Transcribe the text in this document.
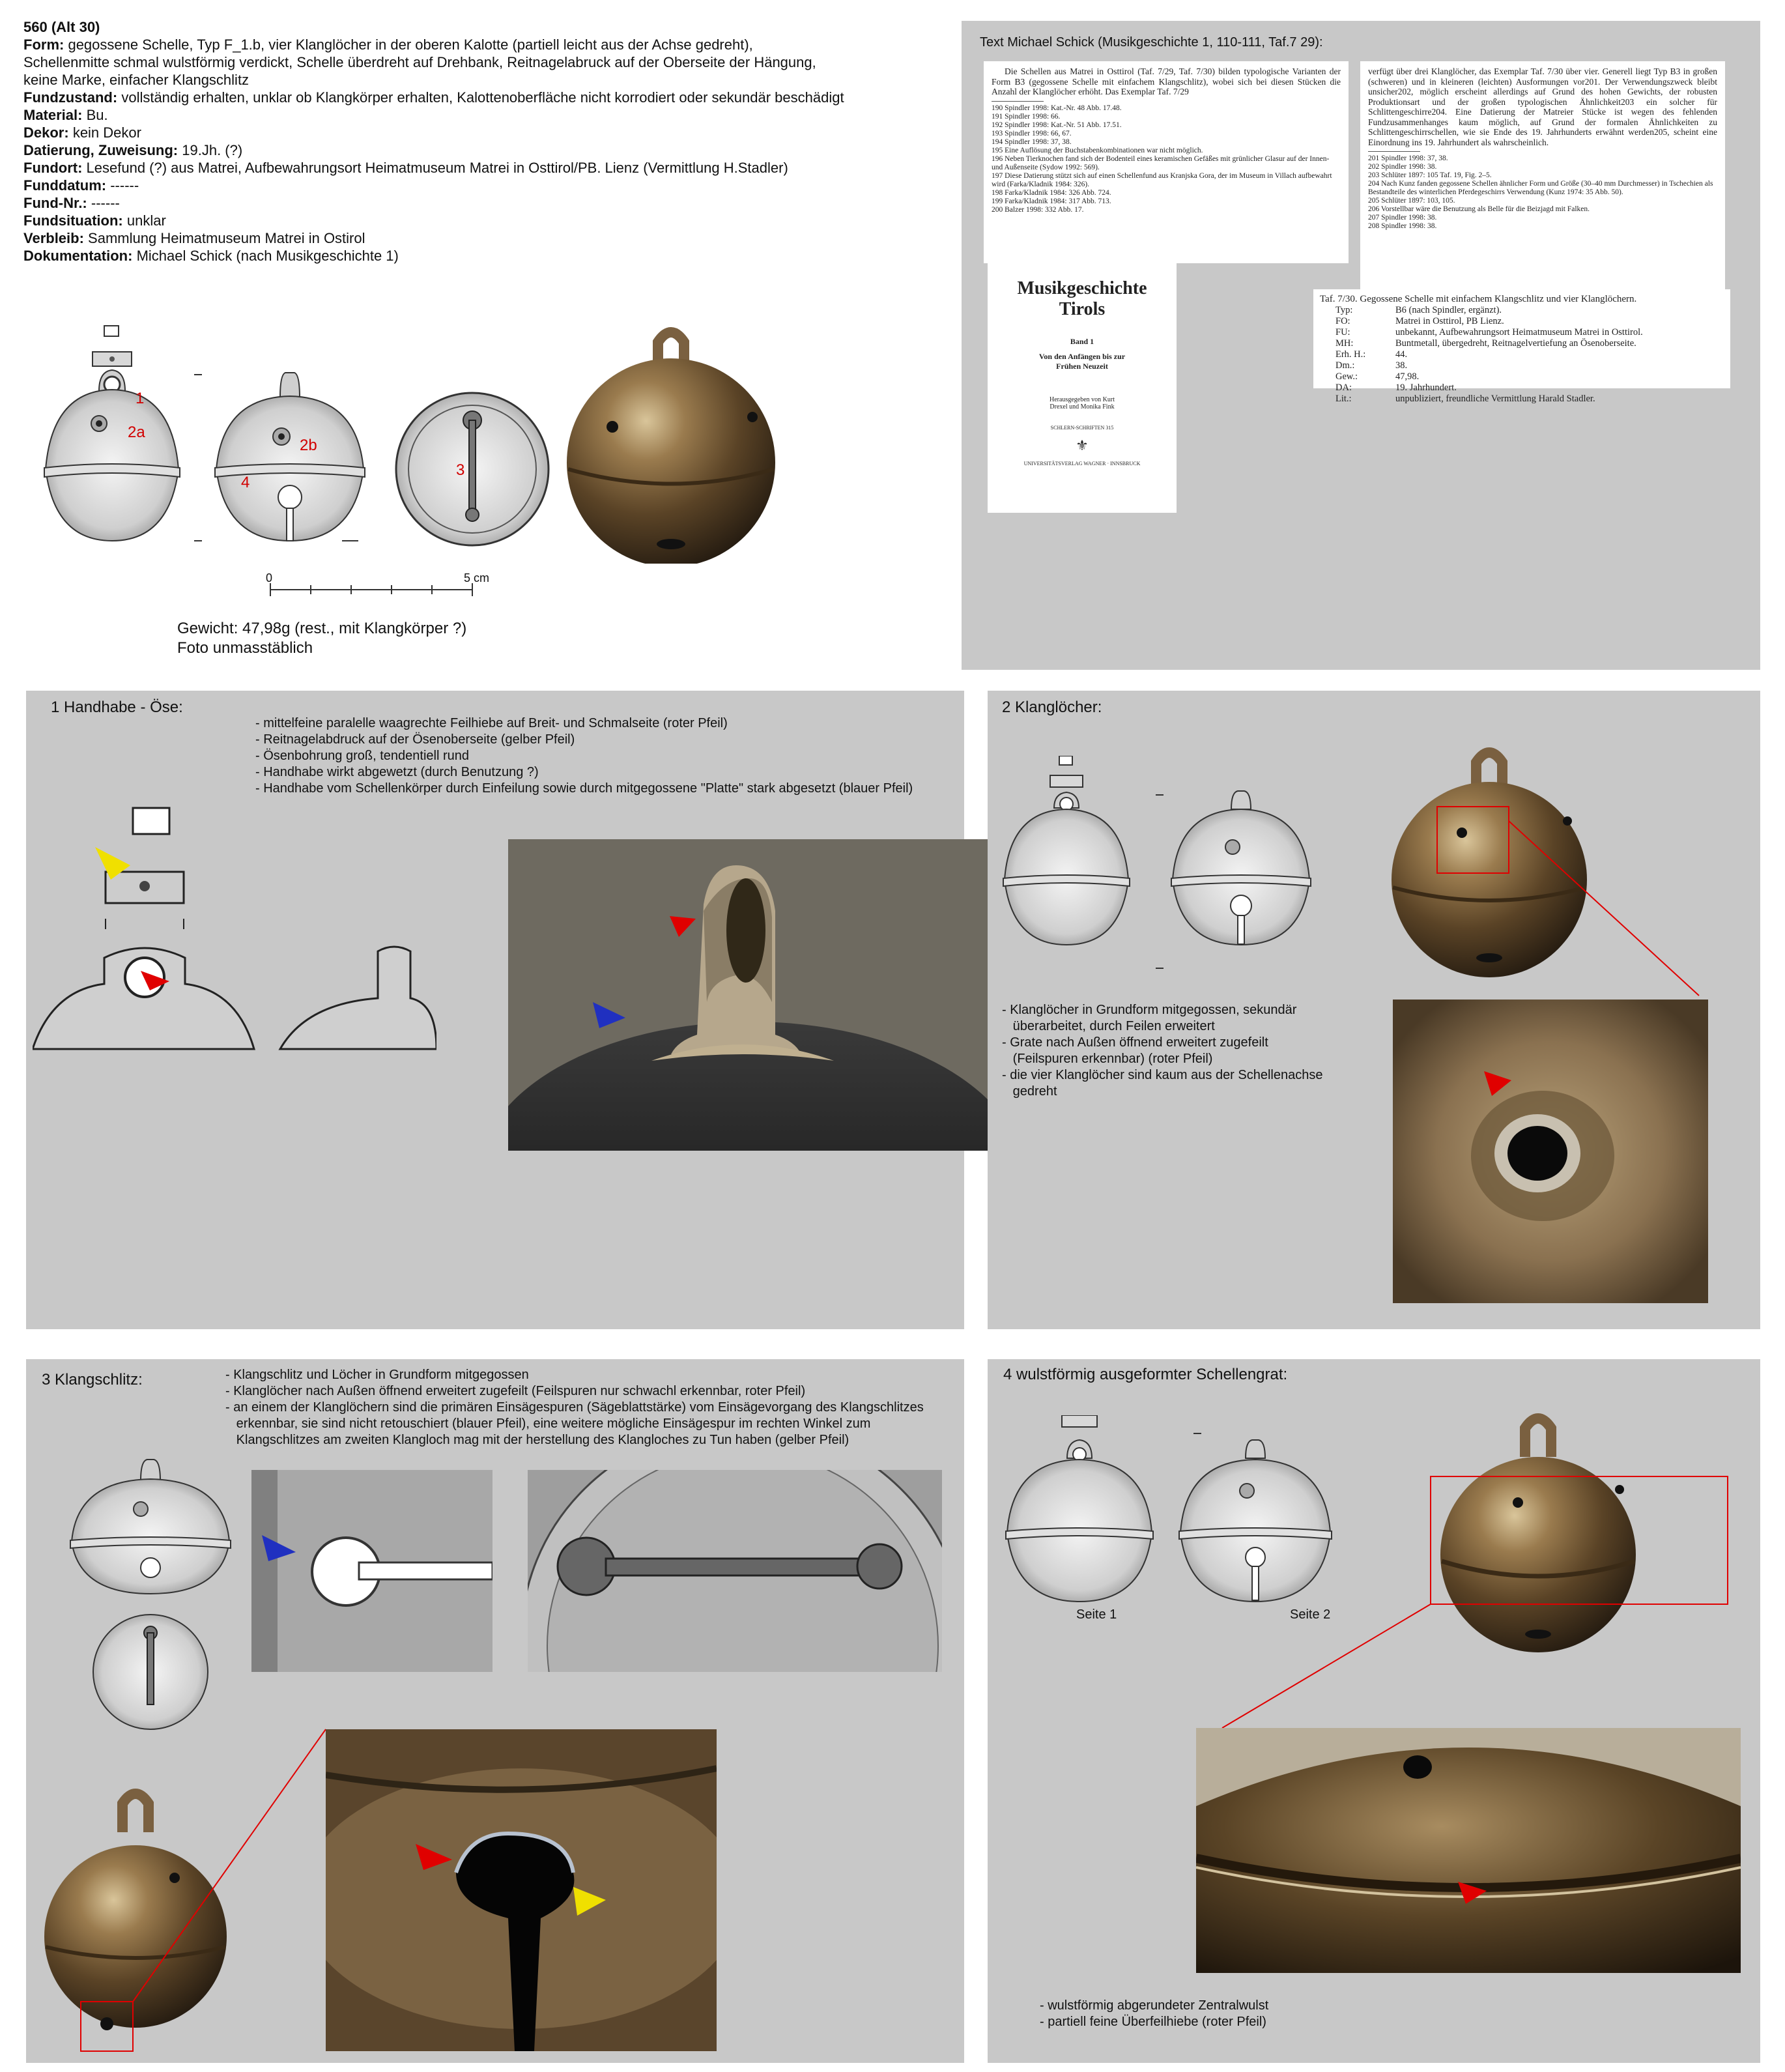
560 (Alt 30)
Form: gegossene Schelle, Typ F_1.b, vier Klanglöcher in der oberen Kalotte (partiell leicht aus der Achse gedreht),
Schellenmitte schmal wulstförmig verdickt, Schelle überdreht auf Drehbank, Reitnagelabruck auf der Oberseite der Hängung,
keine Marke, einfacher Klangschlitz
Fundzustand: vollständig erhalten, unklar ob Klangkörper erhalten, Kalottenoberfläche nicht korrodiert oder sekundär beschädigt
Material: Bu.
Dekor: kein Dekor
Datierung, Zuweisung: 19.Jh. (?)
Fundort: Lesefund (?) aus Matrei, Aufbewahrungsort Heimatmuseum Matrei in Osttirol/PB. Lienz (Vermittlung H.Stadler)
Funddatum: ------
Fund-Nr.: ------
Fundsituation: unklar
Verbleib: Sammlung Heimatmuseum Matrei in Ostirol
Dokumentation: Michael Schick (nach Musikgeschichte 1)
1
2a
2b
3
4
0	5 cm
Gewicht: 47,98g (rest., mit Klangkörper ?)
Foto unmasstäblich
Text Michael Schick (Musikgeschichte 1, 110-111, Taf.7 29):

Die Schellen aus Matrei in Osttirol (Taf. 7/29, Taf. 7/30) bilden typologische Varianten der Form B3 (gegossene Schelle mit einfachem Klangschlitz), wobei sich bei diesen Stücken die Anzahl der Klanglöcher erhöht. Das Exemplar Taf. 7/29

190 Spindler 1998: Kat.-Nr. 48 Abb. 17.48.
191 Spindler 1998: 66.
192 Spindler 1998: Kat.-Nr. 51 Abb. 17.51.
193 Spindler 1998: 66, 67.
194 Spindler 1998: 37, 38.
195 Eine Auflösung der Buchstabenkombinationen war nicht möglich.
196 Neben Tierknochen fand sich der Bodenteil eines keramischen Gefäßes mit grünlicher Glasur auf der Innen- und Außenseite (Sydow 1992: 569).
197 Diese Datierung stützt sich auf einen Schellenfund aus Kranjska Gora, der im Museum in Villach aufbewahrt wird (Farka/Kladnik 1984: 326).
198 Farka/Kladnik 1984: 326 Abb. 724.
199 Farka/Kladnik 1984: 317 Abb. 713.
200 Balzer 1998: 332 Abb. 17.

verfügt über drei Klanglöcher, das Exemplar Taf. 7/30 über vier. Generell liegt Typ B3 in großen (schweren) und in kleineren (leichten) Ausformungen vor201. Der Verwendungszweck bleibt unsicher202, möglich erscheint allerdings auf Grund des hohen Gewichts, der robusten Produktionsart und der großen typologischen Ähnlichkeit203 ein solcher für Schlittengeschirre204. Eine Datierung der Matreier Stücke ist wegen des fehlenden Fundzusammenhanges kaum möglich, auf Grund der formalen Ähnlichkeiten zu Schlittengeschirrschellen, wie sie Ende des 19. Jahrhunderts erwähnt werden205, scheint eine Einordnung ins 19. Jahrhundert als wahrscheinlich.

201 Spindler 1998: 37, 38.
202 Spindler 1998: 38.
203 Schlüter 1897: 105 Taf. 19, Fig. 2–5.
204 Nach Kunz fanden gegossene Schellen ähnlicher Form und Größe (30–40 mm Durchmesser) in Tschechien als Bestandteile des winterlichen Pferdegeschirrs Verwendung (Kunz 1974: 35 Abb. 50).
205 Schlüter 1897: 103, 105.
206 Vorstellbar wäre die Benutzung als Belle für die Beizjagd mit Falken.
207 Spindler 1998: 38.
208 Spindler 1998: 38.
Musikgeschichte Tirols
Band 1
Von den Anfängen bis zur Frühen Neuzeit
Herausgegeben von Kurt Drexel und Monika Fink
SCHLERN-SCHRIFTEN 315
⚜
UNIVERSITÄTSVERLAG WAGNER · INNSBRUCK
Taf. 7/30. Gegossene Schelle mit einfachem Klangschlitz und vier Klanglöchern.
Typ:	B6 (nach Spindler, ergänzt).
FO:	Matrei in Osttirol, PB Lienz.
FU:	unbekannt, Aufbewahrungsort Heimatmuseum Matrei in Osttirol.
MH:	Buntmetall, übergedreht, Reitnagelvertiefung an Ösenoberseite.
Erh. H.:	44.
Dm.:	38.
Gew.:	47,98.
DA:	19. Jahrhundert.
Lit.:	unpubliziert, freundliche Vermittlung Harald Stadler.
1 Handhabe - Öse:
- mittelfeine paralelle waagrechte Feilhiebe auf Breit- und Schmalseite (roter Pfeil)
- Reitnagelabdruck auf der Ösenoberseite (gelber Pfeil)
- Ösenbohrung groß, tendentiell rund
- Handhabe wirkt abgewetzt (durch Benutzung ?)
- Handhabe vom Schellenkörper durch Einfeilung sowie durch mitgegossene "Platte" stark abgesetzt (blauer Pfeil)
2 Klanglöcher:
- Klanglöcher in Grundform mitgegossen, sekundär
überarbeitet, durch Feilen erweitert
- Grate nach Außen öffnend erweitert zugefeilt
(Feilspuren erkennbar) (roter Pfeil)
- die vier Klanglöcher sind kaum aus der Schellenachse
gedreht
3 Klangschlitz:	- Klangschlitz und Löcher in Grundform mitgegossen
- Klanglöcher nach Außen öffnend erweitert zugefeilt (Feilspuren nur schwachl erkennbar, roter Pfeil)
- an einem der Klanglöchern sind die primären Einsägespuren (Sägeblattstärke) vom Einsägevorgang des Klangschlitzes
erkennbar, sie sind nicht retouschiert (blauer Pfeil), eine weitere mögliche Einsägespur im rechten Winkel zum
Klangschlitzes am zweiten Klangloch mag mit der herstellung des Klangloches zu Tun haben (gelber Pfeil)
4 wulstförmig ausgeformter Schellengrat:
Seite 1	Seite 2
- wulstförmig abgerundeter Zentralwulst
- partiell feine Überfeilhiebe (roter Pfeil)
